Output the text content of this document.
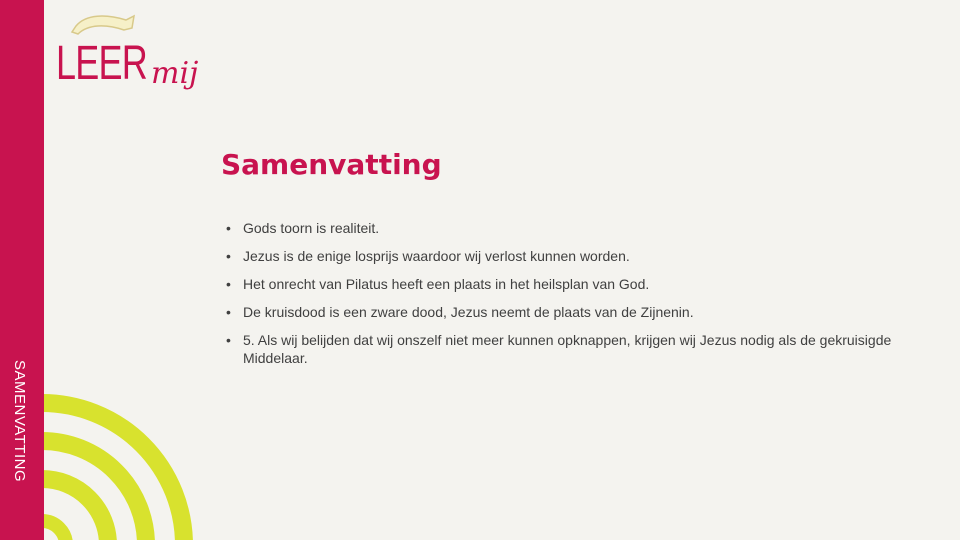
SAMENVATTING
LEER mij
Samenvatting
• Gods toorn is realiteit.
• Jezus is de enige losprijs waardoor wij verlost kunnen worden.
• Het onrecht van Pilatus heeft een plaats in het heilsplan van God.
• De kruisdood is een zware dood, Jezus neemt de plaats van de Zijnenin.
• 5. Als wij belijden dat wij onszelf niet meer kunnen opknappen, krijgen wij Jezus nodig als de gekruisigde Middelaar.
